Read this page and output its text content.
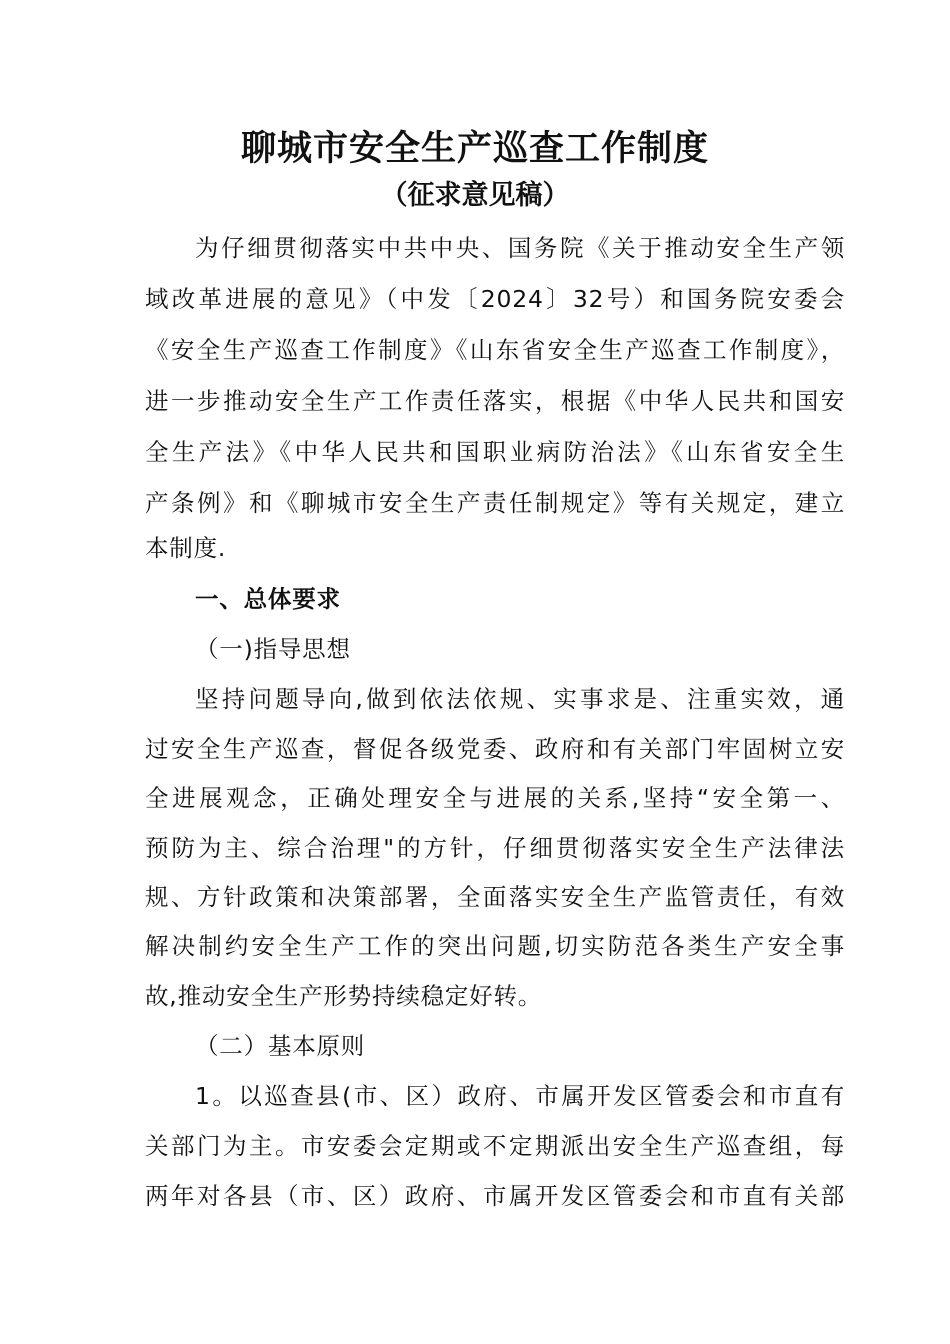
聊城市安全生产巡查工作制度
（征求意见稿）
为仔细贯彻落实中共中央、国务院《关于推动安全生产领
域改革进展的意见》（中发〔2024〕32号）和国务院安委会
《安全生产巡查工作制度》《山东省安全生产巡查工作制度》，
进一步推动安全生产工作责任落实，根据《中华人民共和国安
全生产法》《中华人民共和国职业病防治法》《山东省安全生
产条例》和《聊城市安全生产责任制规定》等有关规定，建立
本制度.
一、总体要求
（一)指导思想
坚持问题导向,做到依法依规、实事求是、注重实效，通
过安全生产巡查，督促各级党委、政府和有关部门牢固树立安
全进展观念，正确处理安全与进展的关系,坚持“安全第一、
预防为主、综合治理"的方针，仔细贯彻落实安全生产法律法
规、方针政策和决策部署，全面落实安全生产监管责任，有效
解决制约安全生产工作的突出问题,切实防范各类生产安全事
故,推动安全生产形势持续稳定好转。
（二）基本原则
1。以巡查县(市、区）政府、市属开发区管委会和市直有
关部门为主。市安委会定期或不定期派出安全生产巡查组，每
两年对各县（市、区）政府、市属开发区管委会和市直有关部
